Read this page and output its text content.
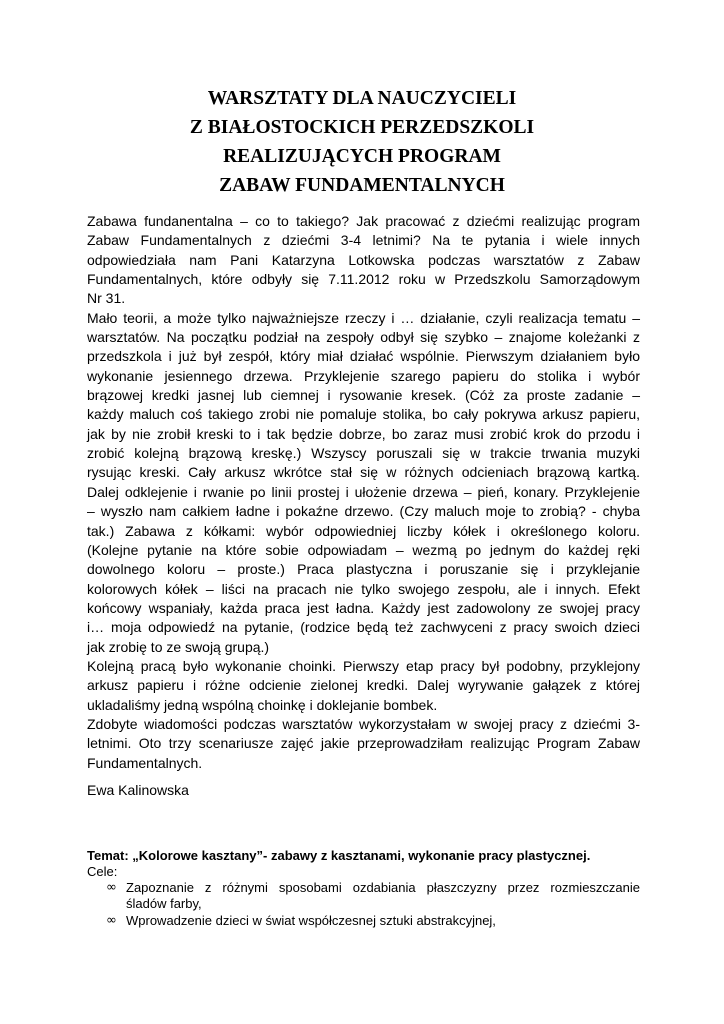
WARSZTATY DLA NAUCZYCIELI
Z BIAŁOSTOCKICH PERZEDSZKOLI
REALIZUJĄCYCH PROGRAM
ZABAW FUNDAMENTALNYCH
Zabawa fundanentalna – co to takiego? Jak pracować z dziećmi realizując program
Zabaw Fundamentalnych z dziećmi 3-4 letnimi? Na te pytania i wiele innych
odpowiedziała nam Pani Katarzyna Lotkowska podczas warsztatów z Zabaw
Fundamentalnych, które odbyły się 7.11.2012 roku w Przedszkolu Samorządowym
Nr 31.
Mało teorii, a może tylko najważniejsze rzeczy i … działanie, czyli realizacja tematu –
warsztatów. Na początku podział na zespoły odbył się szybko – znajome koleżanki z
przedszkola i już był zespół, który miał działać wspólnie. Pierwszym działaniem było
wykonanie jesiennego drzewa. Przyklejenie szarego papieru do stolika i wybór
brązowej kredki jasnej lub ciemnej i rysowanie kresek. (Cóż za proste zadanie –
każdy maluch coś takiego zrobi nie pomaluje stolika, bo cały pokrywa arkusz papieru,
jak by nie zrobił kreski to i tak będzie dobrze, bo zaraz musi zrobić krok do przodu i
zrobić kolejną brązową kreskę.) Wszyscy poruszali się w trakcie trwania muzyki
rysując kreski. Cały arkusz wkrótce stał się w różnych odcieniach brązową kartką.
Dalej odklejenie i rwanie po linii prostej i ułożenie drzewa – pień, konary. Przyklejenie
– wyszło nam całkiem ładne i pokaźne drzewo. (Czy maluch moje to zrobią? - chyba
tak.) Zabawa z kółkami: wybór odpowiedniej liczby kółek i określonego koloru.
(Kolejne pytanie na które sobie odpowiadam – wezmą po jednym do każdej ręki
dowolnego koloru – proste.) Praca plastyczna i poruszanie się i przyklejanie
kolorowych kółek – liści na pracach nie tylko swojego zespołu, ale i innych. Efekt
końcowy wspaniały, każda praca jest ładna. Każdy jest zadowolony ze swojej pracy
i… moja odpowiedź na pytanie, (rodzice będą też zachwyceni z pracy swoich dzieci
jak zrobię to ze swoją grupą.)
Kolejną pracą było wykonanie choinki. Pierwszy etap pracy był podobny, przyklejony
arkusz papieru i różne odcienie zielonej kredki. Dalej wyrywanie gałązek z której
ukladaliśmy jedną wspólną choinkę i doklejanie bombek.
Zdobyte wiadomości podczas warsztatów wykorzystałam w swojej pracy z dziećmi 3-
letnimi. Oto trzy scenariusze zajęć jakie przeprowadziłam realizując Program Zabaw
Fundamentalnych.
Ewa Kalinowska
Temat: „Kolorowe kasztany”- zabawy z kasztanami, wykonanie pracy plastycznej.
Cele:
∞ Zapoznanie z różnymi sposobami ozdabiania płaszczyzny przez rozmieszczanie
śladów farby,
∞ Wprowadzenie dzieci w świat współczesnej sztuki abstrakcyjnej,
